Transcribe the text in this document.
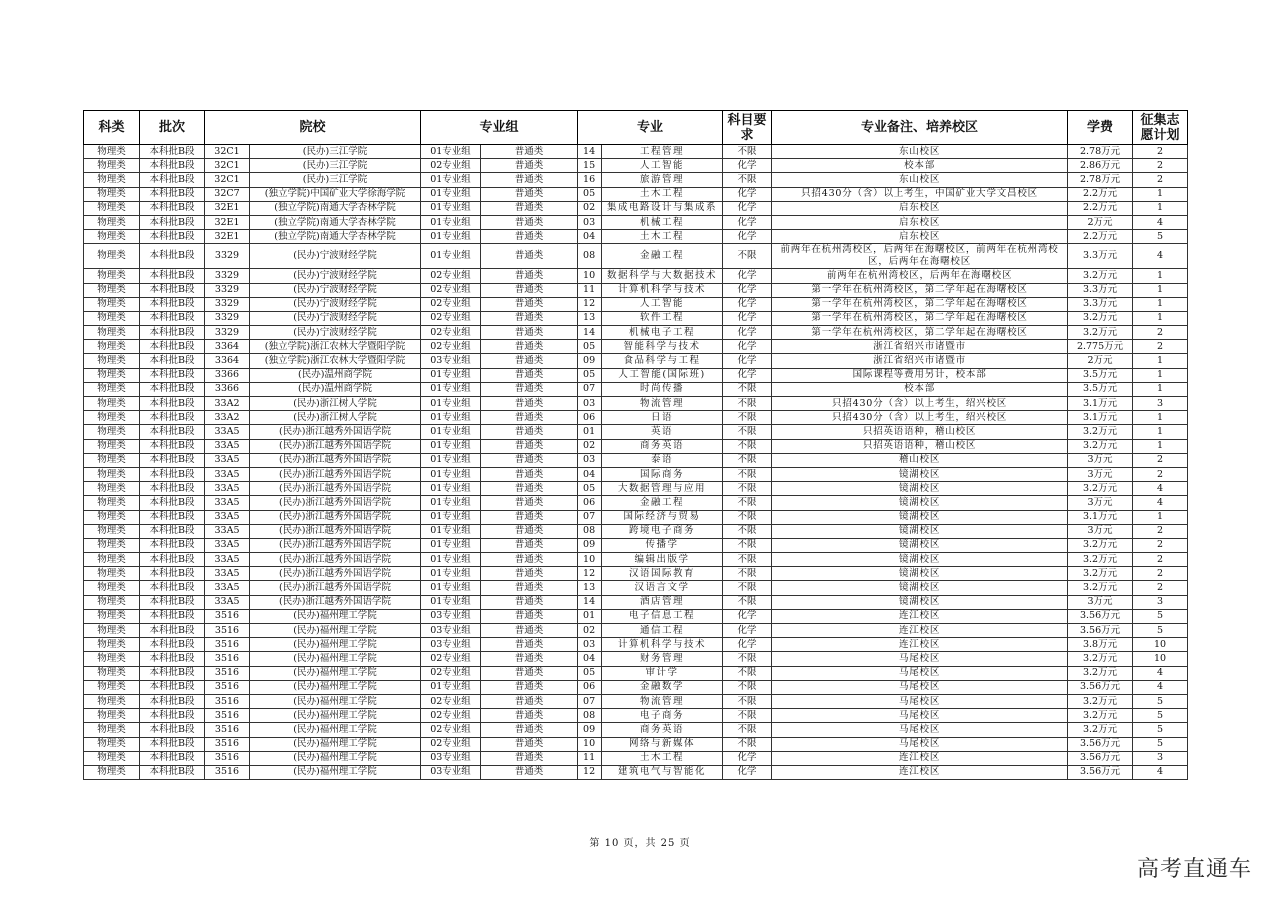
科类	批次	院校		专业组		专业		科目要求	专业备注、培养校区	学费	征集志愿计划
物理类	本科批B段	32C1	(民办)三江学院	01专业组	普通类	14	工程管理	不限	东山校区	2.78万元	2
物理类	本科批B段	32C1	(民办)三江学院	02专业组	普通类	15	人工智能	化学	校本部	2.86万元	2
物理类	本科批B段	32C1	(民办)三江学院	01专业组	普通类	16	旅游管理	不限	东山校区	2.78万元	2
物理类	本科批B段	32C7	(独立学院)中国矿业大学徐海学院	01专业组	普通类	05	土木工程	化学	只招430分（含）以上考生，中国矿业大学文昌校区	2.2万元	1
物理类	本科批B段	32E1	(独立学院)南通大学杏林学院	01专业组	普通类	02	集成电路设计与集成系	化学	启东校区	2.2万元	1
物理类	本科批B段	32E1	(独立学院)南通大学杏林学院	01专业组	普通类	03	机械工程	化学	启东校区	2万元	4
物理类	本科批B段	32E1	(独立学院)南通大学杏林学院	01专业组	普通类	04	土木工程	化学	启东校区	2.2万元	5
物理类	本科批B段	3329	(民办)宁波财经学院	01专业组	普通类	08	金融工程	不限	前两年在杭州湾校区，后两年在海曙校区，前两年在杭州湾校区，后两年在海曙校区	3.3万元	4
物理类	本科批B段	3329	(民办)宁波财经学院	02专业组	普通类	10	数据科学与大数据技术	化学	前两年在杭州湾校区，后两年在海曙校区	3.2万元	1
物理类	本科批B段	3329	(民办)宁波财经学院	02专业组	普通类	11	计算机科学与技术	化学	第一学年在杭州湾校区，第二学年起在海曙校区	3.3万元	1
物理类	本科批B段	3329	(民办)宁波财经学院	02专业组	普通类	12	人工智能	化学	第一学年在杭州湾校区，第二学年起在海曙校区	3.3万元	1
物理类	本科批B段	3329	(民办)宁波财经学院	02专业组	普通类	13	软件工程	化学	第一学年在杭州湾校区，第二学年起在海曙校区	3.2万元	1
物理类	本科批B段	3329	(民办)宁波财经学院	02专业组	普通类	14	机械电子工程	化学	第一学年在杭州湾校区，第二学年起在海曙校区	3.2万元	2
物理类	本科批B段	3364	(独立学院)浙江农林大学暨阳学院	02专业组	普通类	05	智能科学与技术	化学	浙江省绍兴市诸暨市	2.775万元	2
物理类	本科批B段	3364	(独立学院)浙江农林大学暨阳学院	03专业组	普通类	09	食品科学与工程	化学	浙江省绍兴市诸暨市	2万元	1
物理类	本科批B段	3366	(民办)温州商学院	01专业组	普通类	05	人工智能(国际班)	化学	国际课程等费用另计，校本部	3.5万元	1
物理类	本科批B段	3366	(民办)温州商学院	01专业组	普通类	07	时尚传播	不限	校本部	3.5万元	1
物理类	本科批B段	33A2	(民办)浙江树人学院	01专业组	普通类	03	物流管理	不限	只招430分（含）以上考生，绍兴校区	3.1万元	3
物理类	本科批B段	33A2	(民办)浙江树人学院	01专业组	普通类	06	日语	不限	只招430分（含）以上考生，绍兴校区	3.1万元	1
物理类	本科批B段	33A5	(民办)浙江越秀外国语学院	01专业组	普通类	01	英语	不限	只招英语语种，稽山校区	3.2万元	1
物理类	本科批B段	33A5	(民办)浙江越秀外国语学院	01专业组	普通类	02	商务英语	不限	只招英语语种，稽山校区	3.2万元	1
物理类	本科批B段	33A5	(民办)浙江越秀外国语学院	01专业组	普通类	03	泰语	不限	稽山校区	3万元	2
物理类	本科批B段	33A5	(民办)浙江越秀外国语学院	01专业组	普通类	04	国际商务	不限	镜湖校区	3万元	2
物理类	本科批B段	33A5	(民办)浙江越秀外国语学院	01专业组	普通类	05	大数据管理与应用	不限	镜湖校区	3.2万元	4
物理类	本科批B段	33A5	(民办)浙江越秀外国语学院	01专业组	普通类	06	金融工程	不限	镜湖校区	3万元	4
物理类	本科批B段	33A5	(民办)浙江越秀外国语学院	01专业组	普通类	07	国际经济与贸易	不限	镜湖校区	3.1万元	1
物理类	本科批B段	33A5	(民办)浙江越秀外国语学院	01专业组	普通类	08	跨境电子商务	不限	镜湖校区	3万元	2
物理类	本科批B段	33A5	(民办)浙江越秀外国语学院	01专业组	普通类	09	传播学	不限	镜湖校区	3.2万元	2
物理类	本科批B段	33A5	(民办)浙江越秀外国语学院	01专业组	普通类	10	编辑出版学	不限	镜湖校区	3.2万元	2
物理类	本科批B段	33A5	(民办)浙江越秀外国语学院	01专业组	普通类	12	汉语国际教育	不限	镜湖校区	3.2万元	2
物理类	本科批B段	33A5	(民办)浙江越秀外国语学院	01专业组	普通类	13	汉语言文学	不限	镜湖校区	3.2万元	2
物理类	本科批B段	33A5	(民办)浙江越秀外国语学院	01专业组	普通类	14	酒店管理	不限	镜湖校区	3万元	3
物理类	本科批B段	3516	(民办)福州理工学院	03专业组	普通类	01	电子信息工程	化学	连江校区	3.56万元	5
物理类	本科批B段	3516	(民办)福州理工学院	03专业组	普通类	02	通信工程	化学	连江校区	3.56万元	5
物理类	本科批B段	3516	(民办)福州理工学院	03专业组	普通类	03	计算机科学与技术	化学	连江校区	3.8万元	10
物理类	本科批B段	3516	(民办)福州理工学院	02专业组	普通类	04	财务管理	不限	马尾校区	3.2万元	10
物理类	本科批B段	3516	(民办)福州理工学院	02专业组	普通类	05	审计学	不限	马尾校区	3.2万元	4
物理类	本科批B段	3516	(民办)福州理工学院	01专业组	普通类	06	金融数学	不限	马尾校区	3.56万元	4
物理类	本科批B段	3516	(民办)福州理工学院	02专业组	普通类	07	物流管理	不限	马尾校区	3.2万元	5
物理类	本科批B段	3516	(民办)福州理工学院	02专业组	普通类	08	电子商务	不限	马尾校区	3.2万元	5
物理类	本科批B段	3516	(民办)福州理工学院	02专业组	普通类	09	商务英语	不限	马尾校区	3.2万元	5
物理类	本科批B段	3516	(民办)福州理工学院	02专业组	普通类	10	网络与新媒体	不限	马尾校区	3.56万元	5
物理类	本科批B段	3516	(民办)福州理工学院	03专业组	普通类	11	土木工程	化学	连江校区	3.56万元	3
物理类	本科批B段	3516	(民办)福州理工学院	03专业组	普通类	12	建筑电气与智能化	化学	连江校区	3.56万元	4
第 10 页，共 25 页
高考直通车
